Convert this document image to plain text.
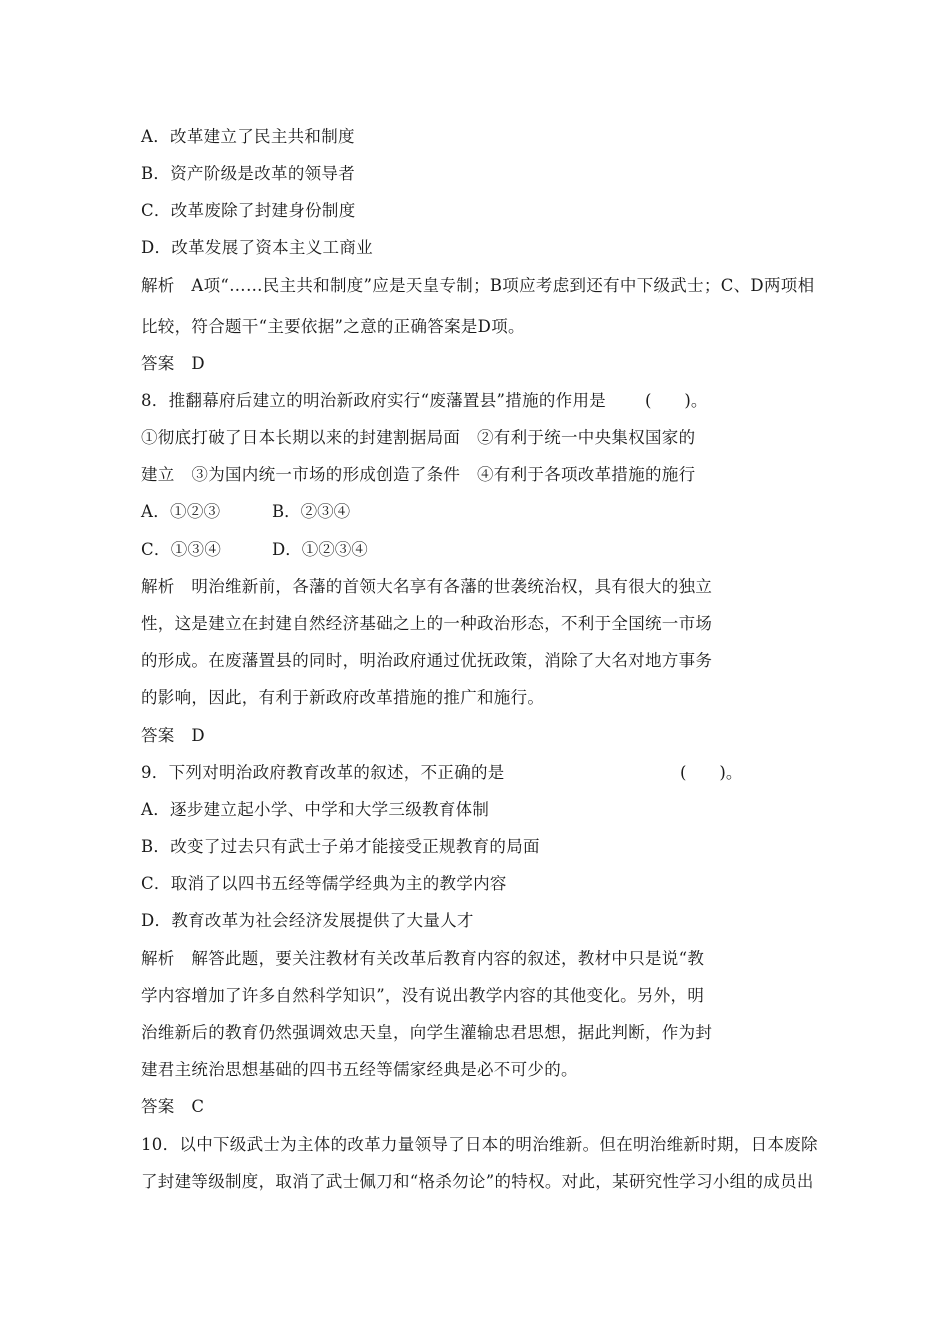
A．改革建立了民主共和制度
B．资产阶级是改革的领导者
C．改革废除了封建身份制度
D．改革发展了资本主义工商业
解析　A项“……民主共和制度”应是天皇专制；B项应考虑到还有中下级武士；C、D两项相
比较，符合题干“主要依据”之意的正确答案是D项。
答案　D
8．推翻幕府后建立的明治新政府实行“废藩置县”措施的作用是 (　　)。
①彻底打破了日本长期以来的封建割据局面　②有利于统一中央集权国家的
建立　③为国内统一市场的形成创造了条件　④有利于各项改革措施的施行
A．①②③	B．②③④
C．①③④	D．①②③④
解析　明治维新前，各藩的首领大名享有各藩的世袭统治权，具有很大的独立
性，这是建立在封建自然经济基础之上的一种政治形态，不利于全国统一市场
的形成。在废藩置县的同时，明治政府通过优抚政策，消除了大名对地方事务
的影响，因此，有利于新政府改革措施的推广和施行。
答案　D
9．下列对明治政府教育改革的叙述，不正确的是	(　　)。
A．逐步建立起小学、中学和大学三级教育体制
B．改变了过去只有武士子弟才能接受正规教育的局面
C．取消了以四书五经等儒学经典为主的教学内容
D．教育改革为社会经济发展提供了大量人才
解析　解答此题，要关注教材有关改革后教育内容的叙述，教材中只是说“教
学内容增加了许多自然科学知识”，没有说出教学内容的其他变化。另外，明
治维新后的教育仍然强调效忠天皇，向学生灌输忠君思想，据此判断，作为封
建君主统治思想基础的四书五经等儒家经典是必不可少的。
答案　C
10．以中下级武士为主体的改革力量领导了日本的明治维新。但在明治维新时期，日本废除
了封建等级制度，取消了武士佩刀和“格杀勿论”的特权。对此，某研究性学习小组的成员出
